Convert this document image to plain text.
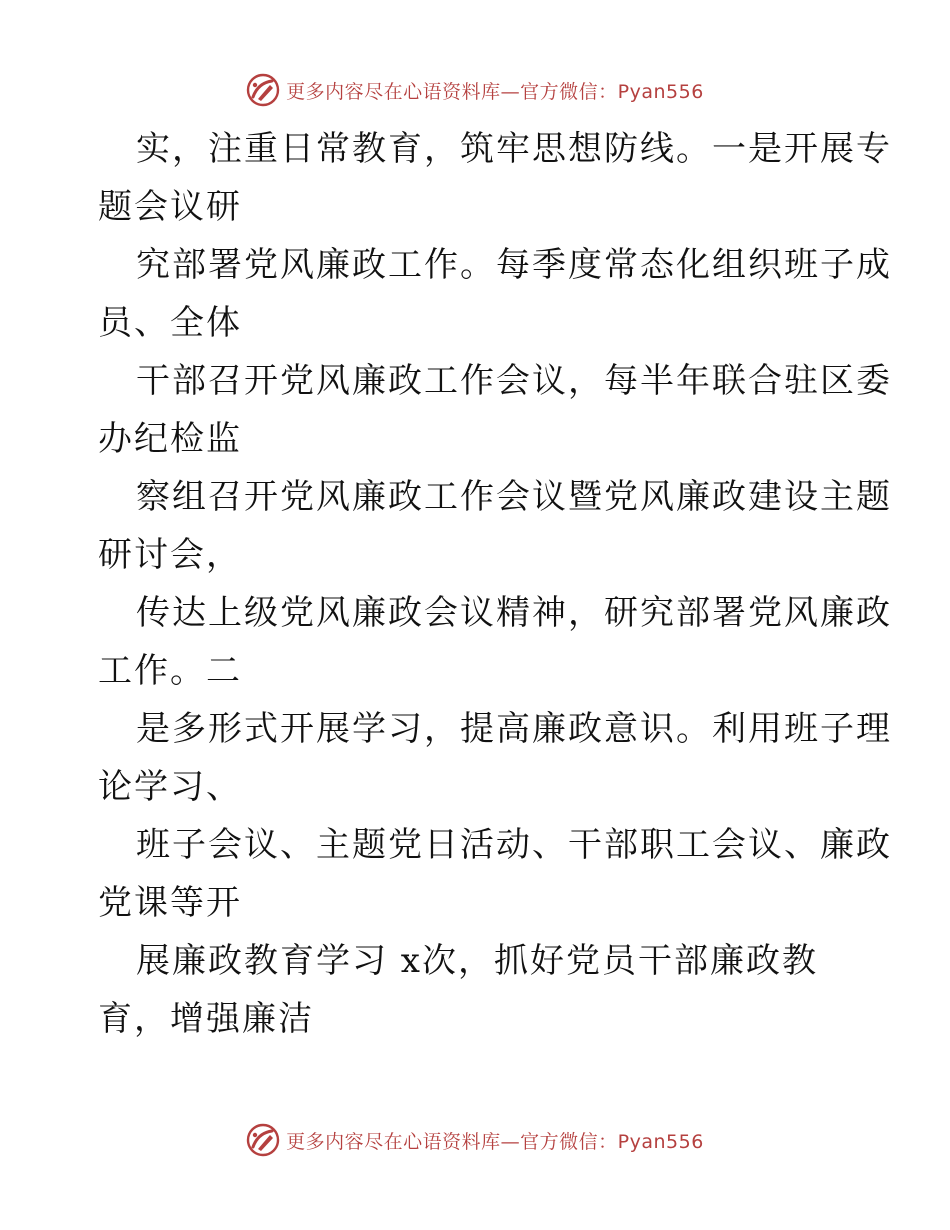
更多内容尽在心语资料库—官方微信：Pyan556
实，注重日常教育，筑牢思想防线。一是开展专
题会议研
究部署党风廉政工作。每季度常态化组织班子成
员、全体
干部召开党风廉政工作会议，每半年联合驻区委
办纪检监
察组召开党风廉政工作会议暨党风廉政建设主题
研讨会，
传达上级党风廉政会议精神，研究部署党风廉政
工作。二
是多形式开展学习，提高廉政意识。利用班子理
论学习、
班子会议、主题党日活动、干部职工会议、廉政
党课等开
展廉政教育学习 x次，抓好党员干部廉政教
育，增强廉洁
更多内容尽在心语资料库—官方微信：Pyan556
